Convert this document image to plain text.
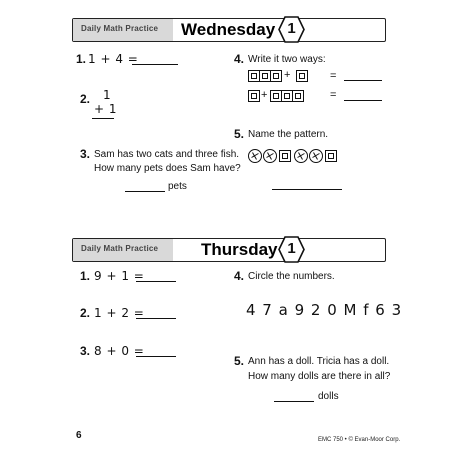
Daily Math Practice Wednesday 1
1. 1 + 4 =
2. 1
+ 1
3. Sam has two cats and three fish.
How many pets does Sam have?
pets
4. Write it two ways:
+	=
+	=
5. Name the pattern.
Daily Math Practice	Thursday 1
1. 9 + 1 =
2. 1 + 2 =
3. 8 + 0 =
4. Circle the numbers.
4 7 a 9 2 0 M f 6 3
5. Ann has a doll. Tricia has a doll.
How many dolls are there in all?
dolls
6	EMC 750 • © Evan-Moor Corp.
